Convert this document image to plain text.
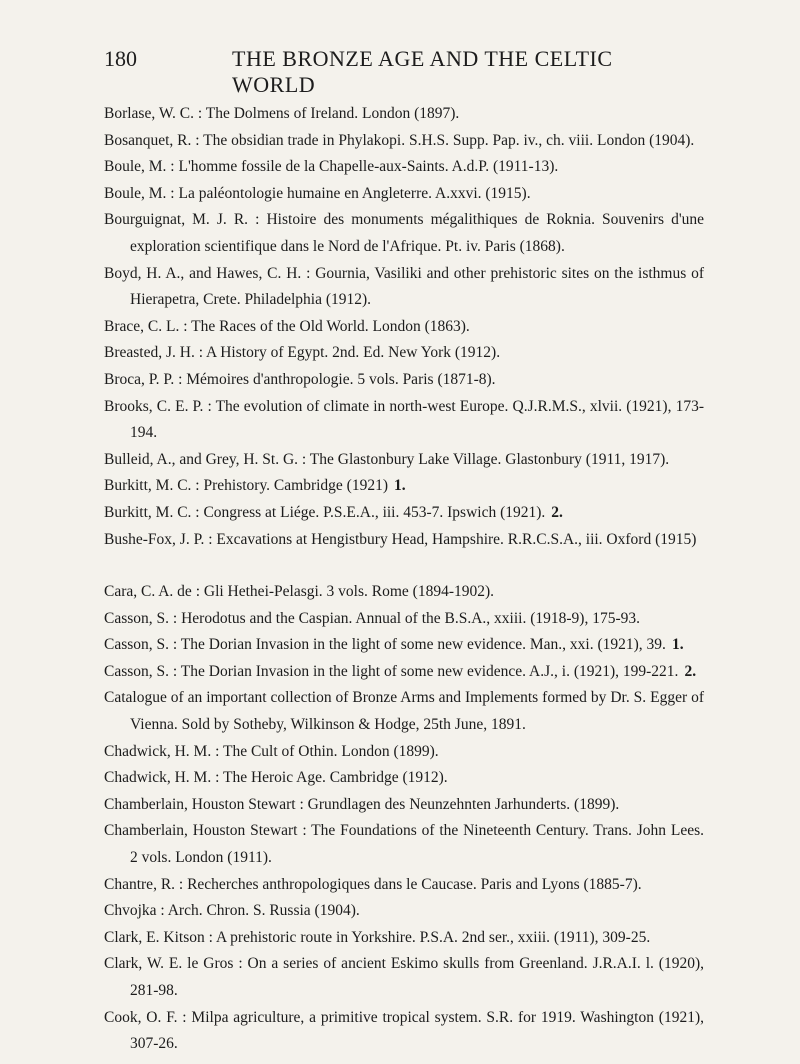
180	THE BRONZE AGE AND THE CELTIC WORLD
Borlase, W. C. : The Dolmens of Ireland. London (1897).
Bosanquet, R. : The obsidian trade in Phylakopi. S.H.S. Supp. Pap. iv., ch. viii. London (1904).
Boule, M. : L'homme fossile de la Chapelle-aux-Saints. A.d.P. (1911-13).
Boule, M. : La paléontologie humaine en Angleterre. A.xxvi. (1915).
Bourguignat, M. J. R. : Histoire des monuments mégalithiques de Roknia. Souvenirs d'une exploration scientifique dans le Nord de l'Afrique. Pt. iv. Paris (1868).
Boyd, H. A., and Hawes, C. H. : Gournia, Vasiliki and other prehistoric sites on the isthmus of Hierapetra, Crete. Philadelphia (1912).
Brace, C. L. : The Races of the Old World. London (1863).
Breasted, J. H. : A History of Egypt. 2nd. Ed. New York (1912).
Broca, P. P. : Mémoires d'anthropologie. 5 vols. Paris (1871-8).
Brooks, C. E. P. : The evolution of climate in north-west Europe. Q.J.R.M.S., xlvii. (1921), 173-194.
Bulleid, A., and Grey, H. St. G. : The Glastonbury Lake Village. Glastonbury (1911, 1917).
Burkitt, M. C. : Prehistory. Cambridge (1921) 1.
Burkitt, M. C. : Congress at Liége. P.S.E.A., iii. 453-7. Ipswich (1921). 2.
Bushe-Fox, J. P. : Excavations at Hengistbury Head, Hampshire. R.R.C.S.A., iii. Oxford (1915)
Cara, C. A. de : Gli Hethei-Pelasgi. 3 vols. Rome (1894-1902).
Casson, S. : Herodotus and the Caspian. Annual of the B.S.A., xxiii. (1918-9), 175-93.
Casson, S. : The Dorian Invasion in the light of some new evidence. Man., xxi. (1921), 39. 1.
Casson, S. : The Dorian Invasion in the light of some new evidence. A.J., i. (1921), 199-221. 2.
Catalogue of an important collection of Bronze Arms and Implements formed by Dr. S. Egger of Vienna. Sold by Sotheby, Wilkinson & Hodge, 25th June, 1891.
Chadwick, H. M. : The Cult of Othin. London (1899).
Chadwick, H. M. : The Heroic Age. Cambridge (1912).
Chamberlain, Houston Stewart : Grundlagen des Neunzehnten Jarhunderts. (1899).
Chamberlain, Houston Stewart : The Foundations of the Nineteenth Century. Trans. John Lees. 2 vols. London (1911).
Chantre, R. : Recherches anthropologiques dans le Caucase. Paris and Lyons (1885-7).
Chvojka : Arch. Chron. S. Russia (1904).
Clark, E. Kitson : A prehistoric route in Yorkshire. P.S.A. 2nd ser., xxiii. (1911), 309-25.
Clark, W. E. le Gros : On a series of ancient Eskimo skulls from Greenland. J.R.A.I. l. (1920), 281-98.
Cook, O. F. : Milpa agriculture, a primitive tropical system. S.R. for 1919. Washington (1921), 307-26.
